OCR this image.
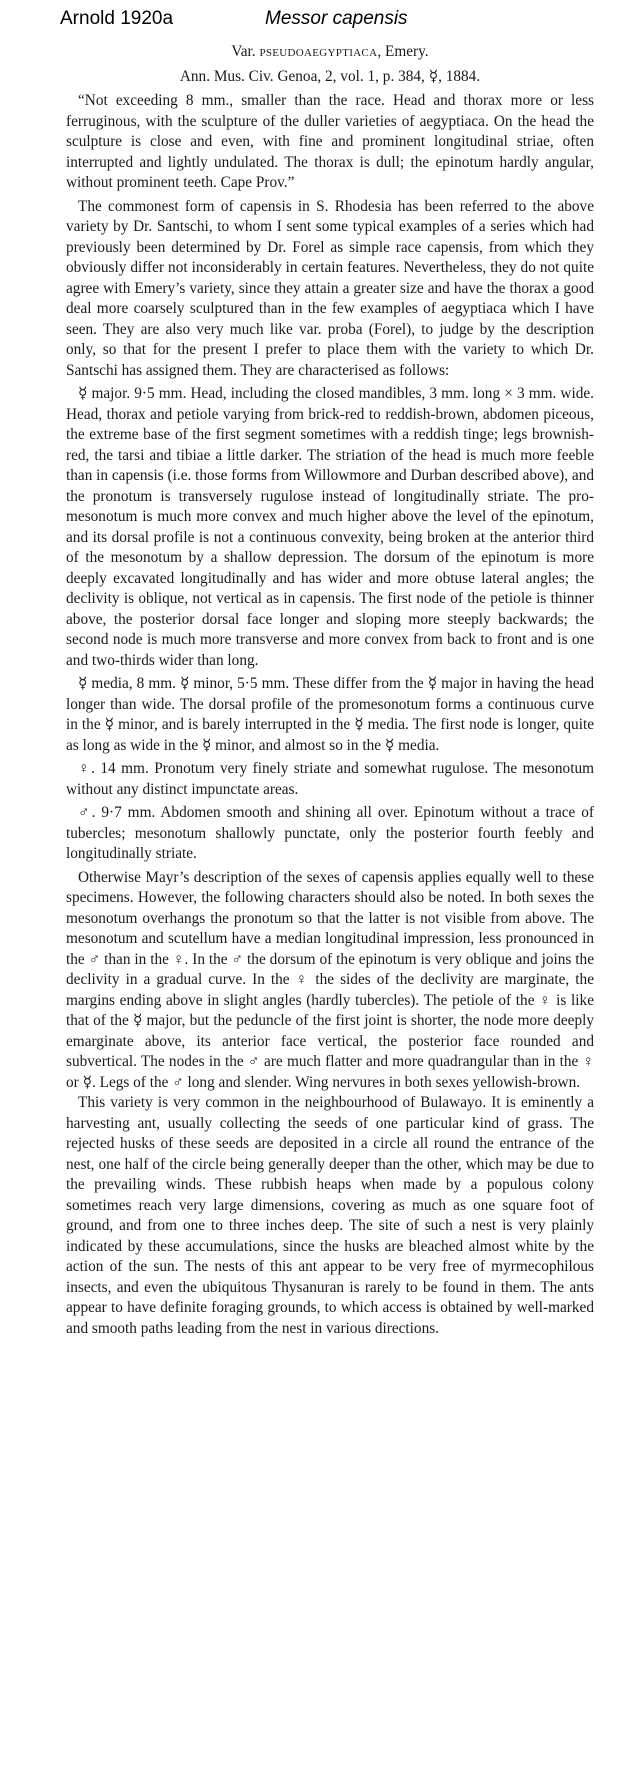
Arnold 1920a	Messor capensis

Var. pseudoaegyptiaca, Emery.

Ann. Mus. Civ. Genoa, 2, vol. 1, p. 384, ☿, 1884.

“Not exceeding 8 mm., smaller than the race. Head and thorax more or less ferruginous, with the sculpture of the duller varieties of aegyptiaca. On the head the sculpture is close and even, with fine and prominent longitudinal striae, often interrupted and lightly undulated. The thorax is dull; the epinotum hardly angular, without prominent teeth. Cape Prov.”

The commonest form of capensis in S. Rhodesia has been referred to the above variety by Dr. Santschi, to whom I sent some typical examples of a series which had previously been determined by Dr. Forel as simple race capensis, from which they obviously differ not inconsiderably in certain features. Nevertheless, they do not quite agree with Emery’s variety, since they attain a greater size and have the thorax a good deal more coarsely sculptured than in the few examples of aegyptiaca which I have seen. They are also very much like var. proba (Forel), to judge by the description only, so that for the present I prefer to place them with the variety to which Dr. Santschi has assigned them. They are characterised as follows:

☿ major. 9·5 mm. Head, including the closed mandibles, 3 mm. long × 3 mm. wide. Head, thorax and petiole varying from brick-red to reddish-brown, abdomen piceous, the extreme base of the first segment sometimes with a reddish tinge; legs brownish-red, the tarsi and tibiae a little darker. The striation of the head is much more feeble than in capensis (i.e. those forms from Willowmore and Durban described above), and the pronotum is transversely rugulose instead of longitudinally striate. The pro-mesonotum is much more convex and much higher above the level of the epinotum, and its dorsal profile is not a continuous convexity, being broken at the anterior third of the mesonotum by a shallow depression. The dorsum of the epinotum is more deeply excavated longitudinally and has wider and more obtuse lateral angles; the declivity is oblique, not vertical as in capensis. The first node of the petiole is thinner above, the posterior dorsal face longer and sloping more steeply backwards; the second node is much more transverse and more convex from back to front and is one and two-thirds wider than long.

☿ media, 8 mm. ☿ minor, 5·5 mm. These differ from the ☿ major in having the head longer than wide. The dorsal profile of the promesonotum forms a continuous curve in the ☿ minor, and is barely interrupted in the ☿ media. The first node is longer, quite as long as wide in the ☿ minor, and almost so in the ☿ media.

♀. 14 mm. Pronotum very finely striate and somewhat rugulose. The mesonotum without any distinct impunctate areas.

♂. 9·7 mm. Abdomen smooth and shining all over. Epinotum without a trace of tubercles; mesonotum shallowly punctate, only the posterior fourth feebly and longitudinally striate.

Otherwise Mayr’s description of the sexes of capensis applies equally well to these specimens. However, the following characters should also be noted. In both sexes the mesonotum overhangs the pronotum so that the latter is not visible from above. The mesonotum and scutellum have a median longitudinal impression, less pronounced in the ♂ than in the ♀. In the ♂ the dorsum of the epinotum is very oblique and joins the declivity in a gradual curve. In the ♀ the sides of the declivity are marginate, the margins ending above in slight angles (hardly tubercles). The petiole of the ♀ is like that of the ☿ major, but the peduncle of the first joint is shorter, the node more deeply emarginate above, its anterior face vertical, the posterior face rounded and subvertical. The nodes in the ♂ are much flatter and more quadrangular than in the ♀ or ☿. Legs of the ♂ long and slender. Wing nervures in both sexes yellowish-brown.

This variety is very common in the neighbourhood of Bulawayo. It is eminently a harvesting ant, usually collecting the seeds of one particular kind of grass. The rejected husks of these seeds are deposited in a circle all round the entrance of the nest, one half of the circle being generally deeper than the other, which may be due to the prevailing winds. These rubbish heaps when made by a populous colony sometimes reach very large dimensions, covering as much as one square foot of ground, and from one to three inches deep. The site of such a nest is very plainly indicated by these accumulations, since the husks are bleached almost white by the action of the sun. The nests of this ant appear to be very free of myrmecophilous insects, and even the ubiquitous Thysanuran is rarely to be found in them. The ants appear to have definite foraging grounds, to which access is obtained by well-marked and smooth paths leading from the nest in various directions.
